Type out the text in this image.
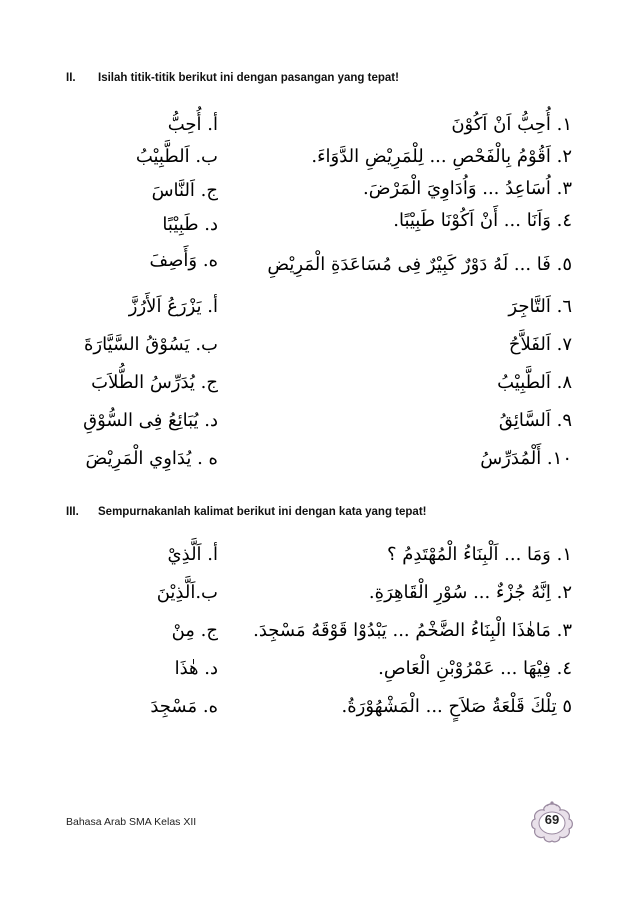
II. Isilah titik-titik berikut ini dengan pasangan yang tepat!
١. أُحِبُّ اَنْ اَكُوْنَ
٢. اَقُوْمُ بِالْفَحْصِ ... لِلْمَرِيْضِ الدَّوَاءَ.
٣. اُسَاعِدُ ... وَاُدَاوِيَ الْمَرْضَ.
٤. وَاَنَا ... أَنْ اَكُوْنَا طَبِيْبًا.
٥. فَا ... لَهُ دَوْرٌ كَبِيْرٌ فِى مُسَاعَدَةِ الْمَرِيْضِ
أ. أُحِبُّ
ب. اَلطَّبِيْبُ
ج. اَلنَّاسَ
د. طَبِيْبًا
ه. وَأَصِفَ
٦. اَلتَّاجِرَ
٧. اَلفَلاَّحُ
٨. اَلطَّبِيْبُ
٩. اَلسَّائِقُ
١٠. أَلْمُدَرِّسُ
أ. يَزْرَعُ اَلأَرُزَّ
ب. يَسُوْقُ السَّيَّارَةَ
ج. يُدَرِّسُ الطُّلاَبَ
د. يُبَائِعُ فِى السُّوْقِ
ه . يُدَاوِي الْمَرِيْضَ
III. Sempurnakanlah kalimat berikut ini dengan kata yang tepat!
١. وَمَا ... اَلْبِنَاءُ الْمُهْتَدِمُ ؟
٢. اِنَّهُ جُزْءٌ ... سُوْرِ الْقَاهِرَةِ.
٣. مَاهٰذَا الْبِنَاءُ الضَّخْمُ ... يَبْدُوْا قَوْقَهُ مَسْجِدَ.
٤. فِيْهَا ... عَمْرُوْبْنِ الْعَاصِ.
٥ تِلْكَ قَلْعَةُ صَلاَحٍ ... الْمَشْهُوْرَةُ.
أ. اَلَّذِيْ
ب.اَلَّذِيْنَ
ج. مِنْ
د. هٰذَا
ه. مَسْجِدَ
Bahasa Arab SMA Kelas XII	69
